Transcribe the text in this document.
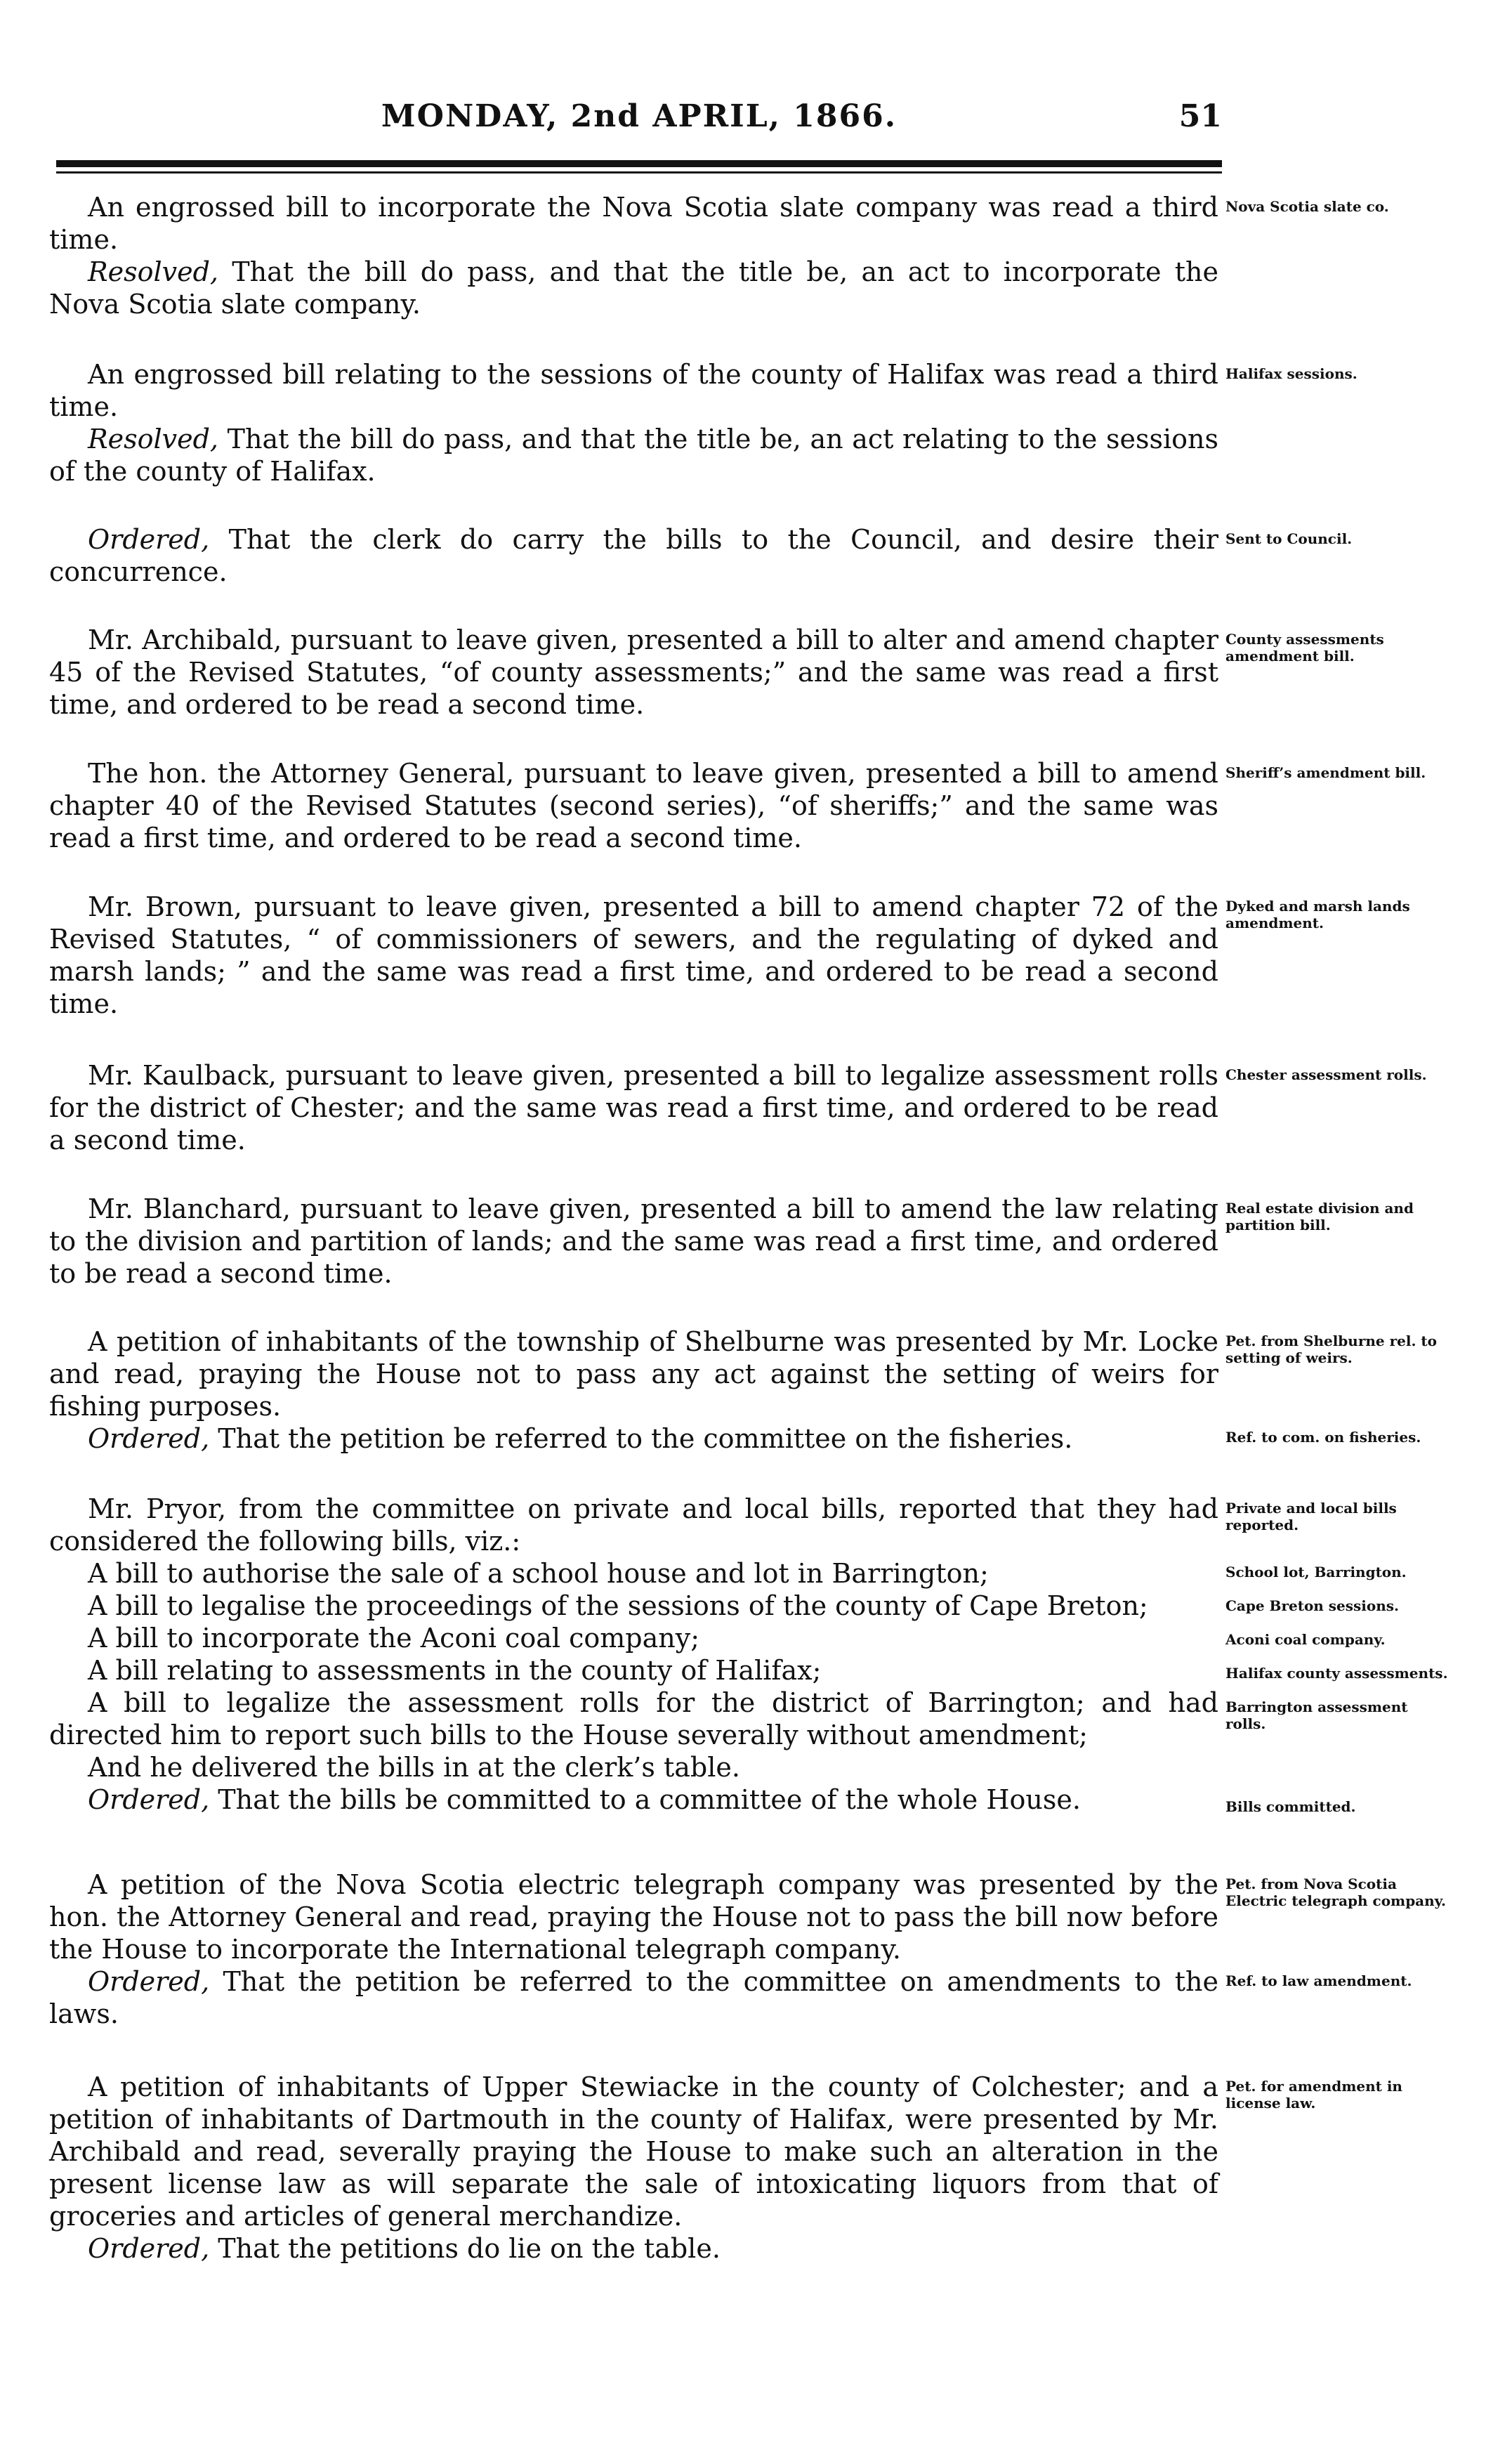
MONDAY, 2nd APRIL, 1866.	51

An engrossed bill to incorporate the Nova Scotia slate company was read a third time.

Resolved, That the bill do pass, and that the title be, an act to incorporate the Nova Scotia slate company.

An engrossed bill relating to the sessions of the county of Halifax was read a third time.

Resolved, That the bill do pass, and that the title be, an act relating to the sessions of the county of Halifax.

Ordered, That the clerk do carry the bills to the Council, and desire their concurrence.

Mr. Archibald, pursuant to leave given, presented a bill to alter and amend chapter 45 of the Revised Statutes, “of county assessments;” and the same was read a first time, and ordered to be read a second time.

The hon. the Attorney General, pursuant to leave given, presented a bill to amend chapter 40 of the Revised Statutes (second series), “of sheriffs;” and the same was read a first time, and ordered to be read a second time.

Mr. Brown, pursuant to leave given, presented a bill to amend chapter 72 of the Revised Statutes, “ of commissioners of sewers, and the regulating of dyked and marsh lands; ” and the same was read a first time, and ordered to be read a second time.

Mr. Kaulback, pursuant to leave given, presented a bill to legalize assessment rolls for the district of Chester; and the same was read a first time, and ordered to be read a second time.

Mr. Blanchard, pursuant to leave given, presented a bill to amend the law relating to the division and partition of lands; and the same was read a first time, and ordered to be read a second time.

A petition of inhabitants of the township of Shelburne was presented by Mr. Locke and read, praying the House not to pass any act against the setting of weirs for fishing purposes.

Ordered, That the petition be referred to the committee on the fisheries.

Mr. Pryor, from the committee on private and local bills, reported that they had considered the following bills, viz.:

A bill to authorise the sale of a school house and lot in Barrington;

A bill to legalise the proceedings of the sessions of the county of Cape Breton;

A bill to incorporate the Aconi coal company;

A bill relating to assessments in the county of Halifax;

A bill to legalize the assessment rolls for the district of Barrington; and had directed him to report such bills to the House severally without amendment;

And he delivered the bills in at the clerk’s table.

Ordered, That the bills be committed to a committee of the whole House.

A petition of the Nova Scotia electric telegraph company was presented by the hon. the Attorney General and read, praying the House not to pass the bill now before the House to incorporate the International telegraph company.

Ordered, That the petition be referred to the committee on amendments to the laws.

A petition of inhabitants of Upper Stewiacke in the county of Colchester; and a petition of inhabitants of Dartmouth in the county of Halifax, were presented by Mr. Archibald and read, severally praying the House to make such an alteration in the present license law as will separate the sale of intoxicating liquors from that of groceries and articles of general merchandize.

Ordered, That the petitions do lie on the table.

Nova Scotia slate co.
Halifax sessions.
Sent to Council.
County assessments amendment bill.
Sheriff’s amendment bill.
Dyked and marsh lands amendment.
Chester assessment rolls.
Real estate division and partition bill.
Pet. from Shelburne rel. to setting of weirs.
Ref. to com. on fisheries.
Private and local bills reported.
School lot, Barrington.
Cape Breton sessions.
Aconi coal company.
Halifax county assessments.
Barrington assessment rolls.
Bills committed.
Pet. from Nova Scotia Electric telegraph company.
Ref. to law amendment.
Pet. for amendment in license law.
